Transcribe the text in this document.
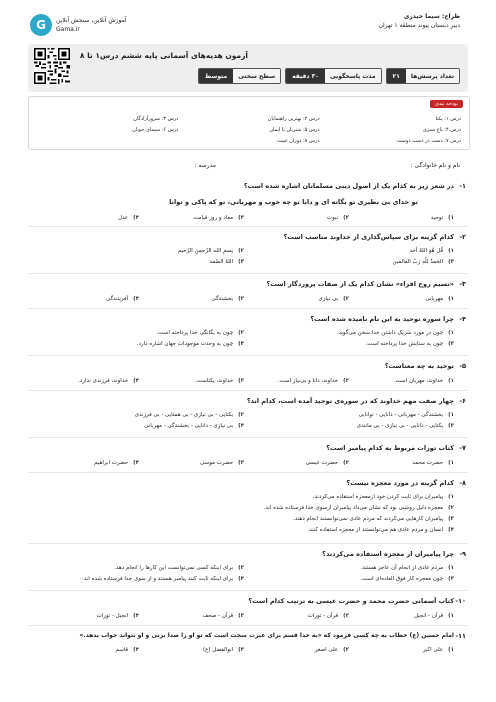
طراح: سیما حیدری
دبیر دبستان پیوند منطقه ۱ تهران
G	آموزش آنلاین، سنجش آنلاین
Gama.ir
آزمون هدیه‌های آسمانی پایه ششم درس۱ تا ۸
تعداد پرسش‌ها
۲۱
مدت پاسخگویی
۳۰ دقیقه
سطح سختی
متوسط
بودجه بندی
درس ۱: یکتا
درس ۲: بهترین راهنمایان
درس ۳: سرورآزادگان
درس ۴: باغ سبزی
درس ۵: شتربان با ایمان
درس ۶: سیمای خوبان
درس ۷: دست در دست دوست
درس ۸: دوران غیبت
نام و نام خانوادگی :
مدرسه :
۱-
در شعر زیر به کدام یک از اصول دینی مسلمانان اشاره شده است؟
تو خدای بی نظیری تو یگانه ای و دانا تو چه خوب و مهربانی، تو که پاکی و توانا
۱)
توحید
۲)
نبوت
۳)
معاد و روز قیامت
۴)
عدل
۲-
کدام گزینه برای سپاس‌گذاری از خداوند مناسب است؟
۱)
قُل هُوَ اللهُ أحَد
۲)
بِسمِ الله الرّحمنِ الرّحیم
۳)
الحَمدُ لِلّهِ رَبّ العالمین
۴)
اللهُ الصّمد
۳-
«نسیم روح افزاء» نشان کدام یک از صفات پروردگار است؟
۱)
مهربانی
۲)
بی نیازی
۳)
بخشندگی
۴)
آفرینندگی
۴-
چرا سوره توحید به این نام نامیده شده است؟
۱)
چون در مورد شریک داشتن خدا سخن می‌گوید.
۲)
چون به یگانگی خدا پرداخته است.
۳)
چون به ستایش خدا پرداخته است.
۴)
چون به وحدت موجودات جهان اشاره دارد.
۵-
توحید به چه معناست؟
۱)
خداوند، مهربان است.
۲)
خداوند، دانا و بی‌نیاز است.
۳)
خداوند، یکتاست.
۴)
خداوند، فرزندی ندارد.
۶-
چهار صفت مهم خداوند که در سوره‌ی توحید آمده است، کدام اند؟
۱)
بخشندگی - مهربانی - دانایی - توانایی
۲)
یکتایی - بی نیازی - بی همتایی - بی فرزندی
۳)
یکتایی - دانایی - بی نیازی - بی مانندی
۴)
بی نیازی - دانایی - بخشندگی - مهربانی
۷-
کتاب تورات مربوط به کدام پیامبر است؟
۱)
حضرت محمد
۲)
حضرت عیسی
۳)
حضرت موسی
۴)
حضرت ابراهیم
۸-
کدام گزینه در مورد معجزه نیست؟
۱)
پیامبران برای ثابت کردن خود ازمعجزه استفاده می‌کردند.
۲)
معجزه دلیل روشنی بود که نشان می‌داد پیامبران ازسوی خدا فرستاده شده اند.
۳)
پیامبران کارهایی می‌کردند که مردم عادی نمی‌توانستند انجام دهند.
۴)
انسان و مردم عادی هم می‌توانستند از معجزه استفاده کنند.
۹-
چرا پیامبران از معجزه استفاده می‌کردند؟
۱)
مردم عادی از انجام آن عاجز هستند.
۲)
برای اینکه کسی نمی‌توانست این کار‌ها را انجام دهد.
۳)
چون معجزه کار فوق العاده‌ای است.
۴)
برای اینکه ثابت کنند پیامبر هستند و از سوی خدا فرستاده شده اند.
۱۰-
کتاب آسمانی حضرت محمد و حضرت عیسی به ترتیب کدام است؟
۱)
قرآن - انجیل
۲)
قرآن - تورات
۳)
قرآن - صحف
۴)
انجیل - تورات
۱۱-
امام حسین (ع) خطاب به چه کسی فرمود که «به خدا قسم برای عبرت سخت است که تو او را صدا بزنی و او نتواند جواب بدهد.»
۱)
علی اکبر
۲)
علی اصغر
۳)
ابوالفضل (ع)
۴)
قاسم
